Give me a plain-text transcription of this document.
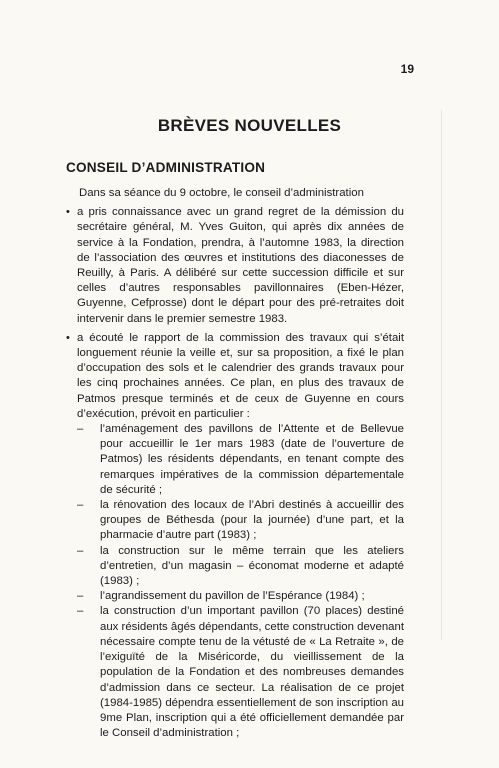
19
BRÈVES NOUVELLES
CONSEIL D’ADMINISTRATION

Dans sa séance du 9 octobre, le conseil d’administration

• a pris connaissance avec un grand regret de la démission du secrétaire général, M. Yves Guiton, qui après dix années de service à la Fondation, prendra, à l’automne 1983, la direction de l’association des œuvres et institutions des diaconesses de Reuilly, à Paris. A délibéré sur cette succession difficile et sur celles d’autres responsables pavillonnaires (Eben-Hézer, Guyenne, Cefprosse) dont le départ pour des pré-retraites doit intervenir dans le premier semestre 1983.
• a écouté le rapport de la commission des travaux qui s’était longuement réunie la veille et, sur sa proposition, a fixé le plan d’occupation des sols et le calendrier des grands travaux pour les cinq prochaines années. Ce plan, en plus des travaux de Patmos presque terminés et de ceux de Guyenne en cours d’exécution, prévoit en particulier :
– l’aménagement des pavillons de l’Attente et de Bellevue pour accueillir le 1er mars 1983 (date de l’ouverture de Patmos) les résidents dépendants, en tenant compte des remarques impératives de la commission départementale de sécurité ;
– la rénovation des locaux de l’Abri destinés à accueillir des groupes de Béthesda (pour la journée) d’une part, et la pharmacie d’autre part (1983) ;
– la construction sur le même terrain que les ateliers d’entretien, d’un magasin – économat moderne et adapté (1983) ;
– l’agrandissement du pavillon de l’Espérance (1984) ;
– la construction d’un important pavillon (70 places) destiné aux résidents âgés dépendants, cette construction devenant nécessaire compte tenu de la vétusté de « La Retraite », de l’exiguïté de la Miséricorde, du vieillissement de la population de la Fondation et des nombreuses demandes d’admission dans ce secteur. La réalisation de ce projet (1984-1985) dépendra essentiellement de son inscription au 9me Plan, inscription qui a été officiellement demandée par le Conseil d’administration ;
